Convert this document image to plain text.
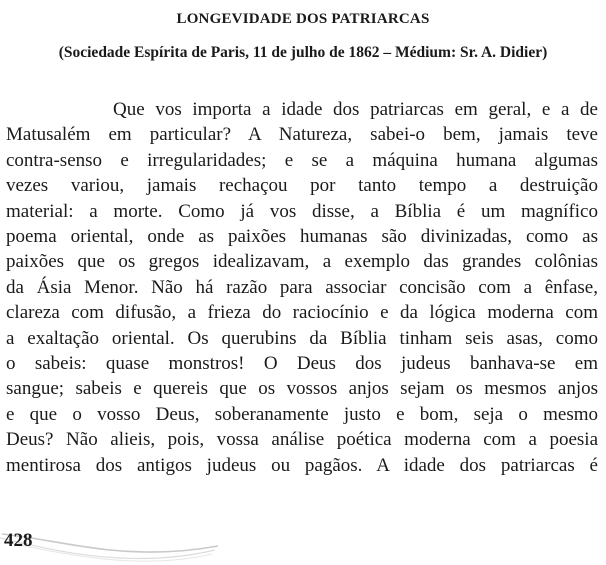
LONGEVIDADE DOS PATRIARCAS
(Sociedade Espírita de Paris, 11 de julho de 1862 – Médium: Sr. A. Didier)
Que vos importa a idade dos patriarcas em geral, e a de
Matusalém em particular? A Natureza, sabei-o bem, jamais teve
contra-senso e irregularidades; e se a máquina humana algumas
vezes variou, jamais rechaçou por tanto tempo a destruição
material: a morte. Como já vos disse, a Bíblia é um magnífico
poema oriental, onde as paixões humanas são divinizadas, como as
paixões que os gregos idealizavam, a exemplo das grandes colônias
da Ásia Menor. Não há razão para associar concisão com a ênfase,
clareza com difusão, a frieza do raciocínio e da lógica moderna com
a exaltação oriental. Os querubins da Bíblia tinham seis asas, como
o sabeis: quase monstros! O Deus dos judeus banhava-se em
sangue; sabeis e quereis que os vossos anjos sejam os mesmos anjos
e que o vosso Deus, soberanamente justo e bom, seja o mesmo
Deus? Não alieis, pois, vossa análise poética moderna com a poesia
mentirosa dos antigos judeus ou pagãos. A idade dos patriarcas é
428
